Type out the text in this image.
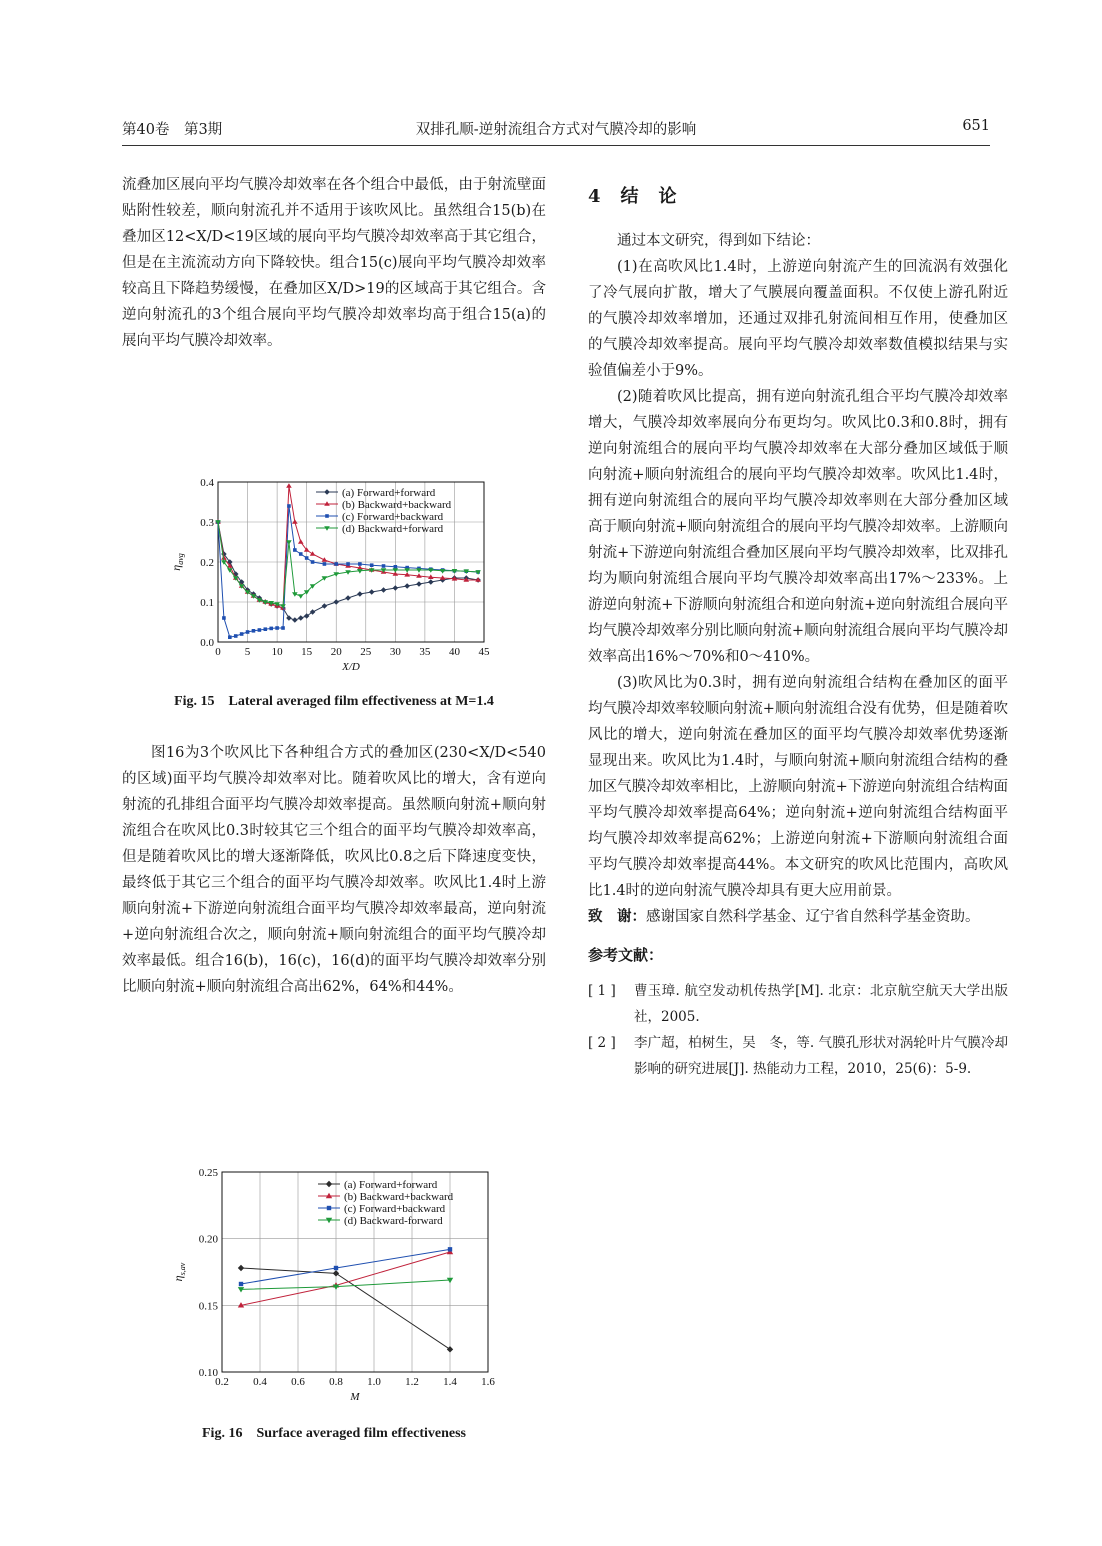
第40卷　第3期	双排孔顺-逆射流组合方式对气膜冷却的影响	651

流叠加区展向平均气膜冷却效率在各个组合中最低，由于射流壁面贴附性较差，顺向射流孔并不适用于该吹风比。虽然组合15(b)在叠加区12<X/D<19区域的展向平均气膜冷却效率高于其它组合，但是在主流流动方向下降较快。组合15(c)展向平均气膜冷却效率较高且下降趋势缓慢，在叠加区X/D>19的区域高于其它组合。含逆向射流孔的3个组合展向平均气膜冷却效率均高于组合15(a)的展向平均气膜冷却效率。

0 5 10 15 20 25 30 35 40 45
0.0
0.1
0.2
0.3
0.4
X/D
$\eta_{avg}$
(a) Forward+forward
(b) Backward+backward
(c) Forward+backward
(d) Backward+forward
Fig. 15　Lateral averaged film effectiveness at M=1.4

图16为3个吹风比下各种组合方式的叠加区(230<X/D<540的区域)面平均气膜冷却效率对比。随着吹风比的增大，含有逆向射流的孔排组合面平均气膜冷却效率提高。虽然顺向射流+顺向射流组合在吹风比0.3时较其它三个组合的面平均气膜冷却效率高，但是随着吹风比的增大逐渐降低，吹风比0.8之后下降速度变快，最终低于其它三个组合的面平均气膜冷却效率。吹风比1.4时上游顺向射流+下游逆向射流组合面平均气膜冷却效率最高，逆向射流+逆向射流组合次之，顺向射流+顺向射流组合的面平均气膜冷却效率最低。组合16(b)，16(c)，16(d)的面平均气膜冷却效率分别比顺向射流+顺向射流组合高出62%，64%和44%。

0.2 0.4 0.6 0.8 1.0 1.2 1.4 1.6
0.10
0.15
0.20
0.25
M
$\eta_{s,av}$
(a) Forward+forward
(b) Backward+backward
(c) Forward+backward
(d) Backward-forward
Fig. 16　Surface averaged film effectiveness
4　结　论

通过本文研究，得到如下结论：

(1)在高吹风比1.4时，上游逆向射流产生的回流涡有效强化了冷气展向扩散，增大了气膜展向覆盖面积。不仅使上游孔附近的气膜冷却效率增加，还通过双排孔射流间相互作用，使叠加区的气膜冷却效率提高。展向平均气膜冷却效率数值模拟结果与实验值偏差小于9%。

(2)随着吹风比提高，拥有逆向射流孔组合平均气膜冷却效率增大，气膜冷却效率展向分布更均匀。吹风比0.3和0.8时，拥有逆向射流组合的展向平均气膜冷却效率在大部分叠加区域低于顺向射流+顺向射流组合的展向平均气膜冷却效率。吹风比1.4时，拥有逆向射流组合的展向平均气膜冷却效率则在大部分叠加区域高于顺向射流+顺向射流组合的展向平均气膜冷却效率。上游顺向射流+下游逆向射流组合叠加区展向平均气膜冷却效率，比双排孔均为顺向射流组合展向平均气膜冷却效率高出17%～233%。上游逆向射流+下游顺向射流组合和逆向射流+逆向射流组合展向平均气膜冷却效率分别比顺向射流+顺向射流组合展向平均气膜冷却效率高出16%～70%和0～410%。

(3)吹风比为0.3时，拥有逆向射流组合结构在叠加区的面平均气膜冷却效率较顺向射流+顺向射流组合没有优势，但是随着吹风比的增大，逆向射流在叠加区的面平均气膜冷却效率优势逐渐显现出来。吹风比为1.4时，与顺向射流+顺向射流组合结构的叠加区气膜冷却效率相比，上游顺向射流+下游逆向射流组合结构面平均气膜冷却效率提高64%；逆向射流+逆向射流组合结构面平均气膜冷却效率提高62%；上游逆向射流+下游顺向射流组合面平均气膜冷却效率提高44%。本文研究的吹风比范围内，高吹风比1.4时的逆向射流气膜冷却具有更大应用前景。

致　谢：感谢国家自然科学基金、辽宁省自然科学基金资助。

参考文献：
[ 1 ]	曹玉璋. 航空发动机传热学[M]. 北京：北京航空航天大学出版社，2005.
[ 2 ]	李广超，柏树生，吴　冬，等. 气膜孔形状对涡轮叶片气膜冷却影响的研究进展[J]. 热能动力工程，2010，25(6)：5-9.
